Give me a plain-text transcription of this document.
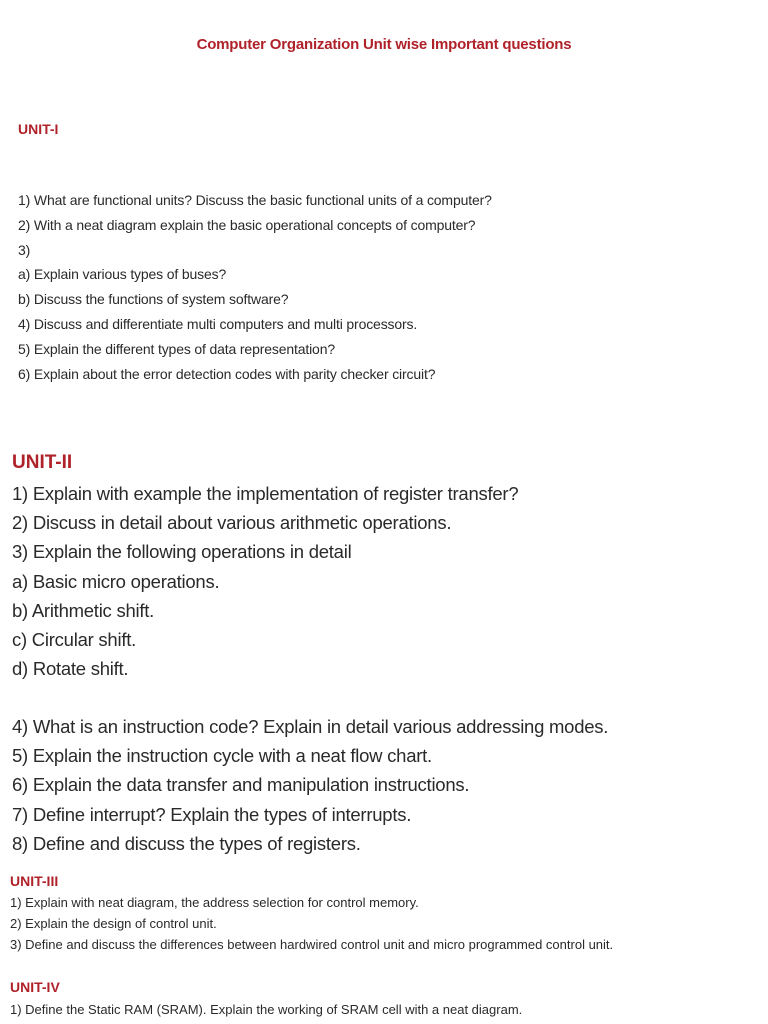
Computer Organization Unit wise Important questions
UNIT-I
1) What are functional units? Discuss the basic functional units of a computer?
2) With a neat diagram explain the basic operational concepts of computer?
3)
a) Explain various types of buses?
b) Discuss the functions of system software?
4) Discuss and differentiate multi computers and multi processors.
5) Explain the different types of data representation?
6) Explain about the error detection codes with parity checker circuit?
UNIT-II
1) Explain with example the implementation of register transfer?
2) Discuss in detail about various arithmetic operations.
3) Explain the following operations in detail
a) Basic micro operations.
b) Arithmetic shift.
c) Circular shift.
d) Rotate shift.
4) What is an instruction code? Explain in detail various addressing modes.
5) Explain the instruction cycle with a neat flow chart.
6) Explain the data transfer and manipulation instructions.
7) Define interrupt? Explain the types of interrupts.
8) Define and discuss the types of registers.
UNIT-III
1) Explain with neat diagram, the address selection for control memory.
2) Explain the design of control unit.
3) Define and discuss the differences between hardwired control unit and micro programmed control unit.
UNIT-IV
1) Define the Static RAM (SRAM). Explain the working of SRAM cell with a neat diagram.
